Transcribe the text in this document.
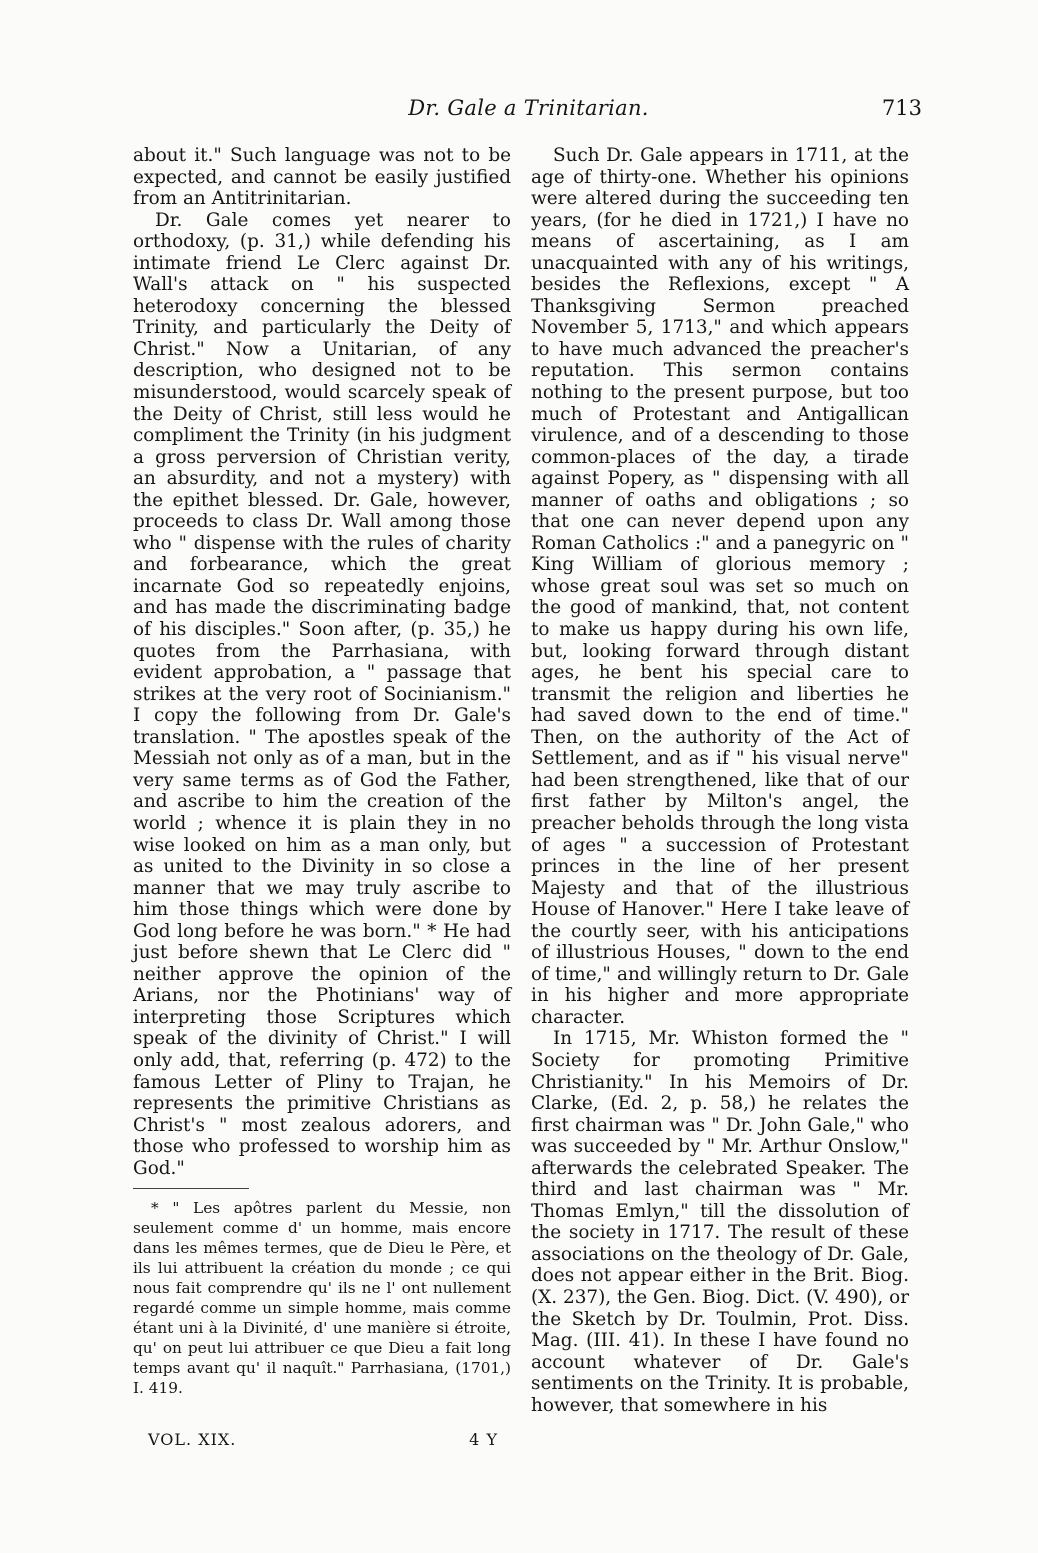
Dr. Gale a Trinitarian.	713

about it." Such language was not to be expected, and cannot be easily justified from an Antitrinitarian.

Dr. Gale comes yet nearer to orthodoxy, (p. 31,) while defending his intimate friend Le Clerc against Dr. Wall's attack on " his suspected heterodoxy concerning the blessed Trinity, and particularly the Deity of Christ." Now a Unitarian, of any description, who designed not to be misunderstood, would scarcely speak of the Deity of Christ, still less would he compliment the Trinity (in his judgment a gross perversion of Christian verity, an absurdity, and not a mystery) with the epithet blessed. Dr. Gale, however, proceeds to class Dr. Wall among those who " dispense with the rules of charity and forbearance, which the great incarnate God so repeatedly enjoins, and has made the discriminating badge of his disciples." Soon after, (p. 35,) he quotes from the Parrhasiana, with evident approbation, a " passage that strikes at the very root of Socinianism." I copy the following from Dr. Gale's translation. " The apostles speak of the Messiah not only as of a man, but in the very same terms as of God the Father, and ascribe to him the creation of the world ; whence it is plain they in no wise looked on him as a man only, but as united to the Divinity in so close a manner that we may truly ascribe to him those things which were done by God long before he was born." * He had just before shewn that Le Clerc did " neither approve the opinion of the Arians, nor the Photinians' way of interpreting those Scriptures which speak of the divinity of Christ." I will only add, that, referring (p. 472) to the famous Letter of Pliny to Trajan, he represents the primitive Christians as Christ's " most zealous adorers, and those who professed to worship him as God."

Such Dr. Gale appears in 1711, at the age of thirty-one. Whether his opinions were altered during the succeeding ten years, (for he died in 1721,) I have no means of ascertaining, as I am unacquainted with any of his writings, besides the Reflexions, except " A Thanksgiving Sermon preached November 5, 1713," and which appears to have much advanced the preacher's reputation. This sermon contains nothing to the present purpose, but too much of Protestant and Antigallican virulence, and of a descending to those common-places of the day, a tirade against Popery, as " dispensing with all manner of oaths and obligations ; so that one can never depend upon any Roman Catholics :" and a panegyric on " King William of glorious memory ; whose great soul was set so much on the good of mankind, that, not content to make us happy during his own life, but, looking forward through distant ages, he bent his special care to transmit the religion and liberties he had saved down to the end of time." Then, on the authority of the Act of Settlement, and as if " his visual nerve" had been strengthened, like that of our first father by Milton's angel, the preacher beholds through the long vista of ages " a succession of Protestant princes in the line of her present Majesty and that of the illustrious House of Hanover." Here I take leave of the courtly seer, with his anticipations of illustrious Houses, " down to the end of time," and willingly return to Dr. Gale in his higher and more appropriate character.

In 1715, Mr. Whiston formed the " Society for promoting Primitive Christianity." In his Memoirs of Dr. Clarke, (Ed. 2, p. 58,) he relates the first chairman was " Dr. John Gale," who was succeeded by " Mr. Arthur Onslow," afterwards the celebrated Speaker. The third and last chairman was " Mr. Thomas Emlyn," till the dissolution of the society in 1717. The result of these associations on the theology of Dr. Gale, does not appear either in the Brit. Biog. (X. 237), the Gen. Biog. Dict. (V. 490), or the Sketch by Dr. Toulmin, Prot. Diss. Mag. (III. 41). In these I have found no account whatever of Dr. Gale's sentiments on the Trinity. It is probable, however, that somewhere in his

* " Les apôtres parlent du Messie, non seulement comme d' un homme, mais encore dans les mêmes termes, que de Dieu le Père, et ils lui attribuent la création du monde ; ce qui nous fait comprendre qu' ils ne l' ont nullement regardé comme un simple homme, mais comme étant uni à la Divinité, d' une manière si étroite, qu' on peut lui attribuer ce que Dieu a fait long temps avant qu' il naquît." Parrhasiana, (1701,) I. 419.

VOL. XIX.	4 Y
